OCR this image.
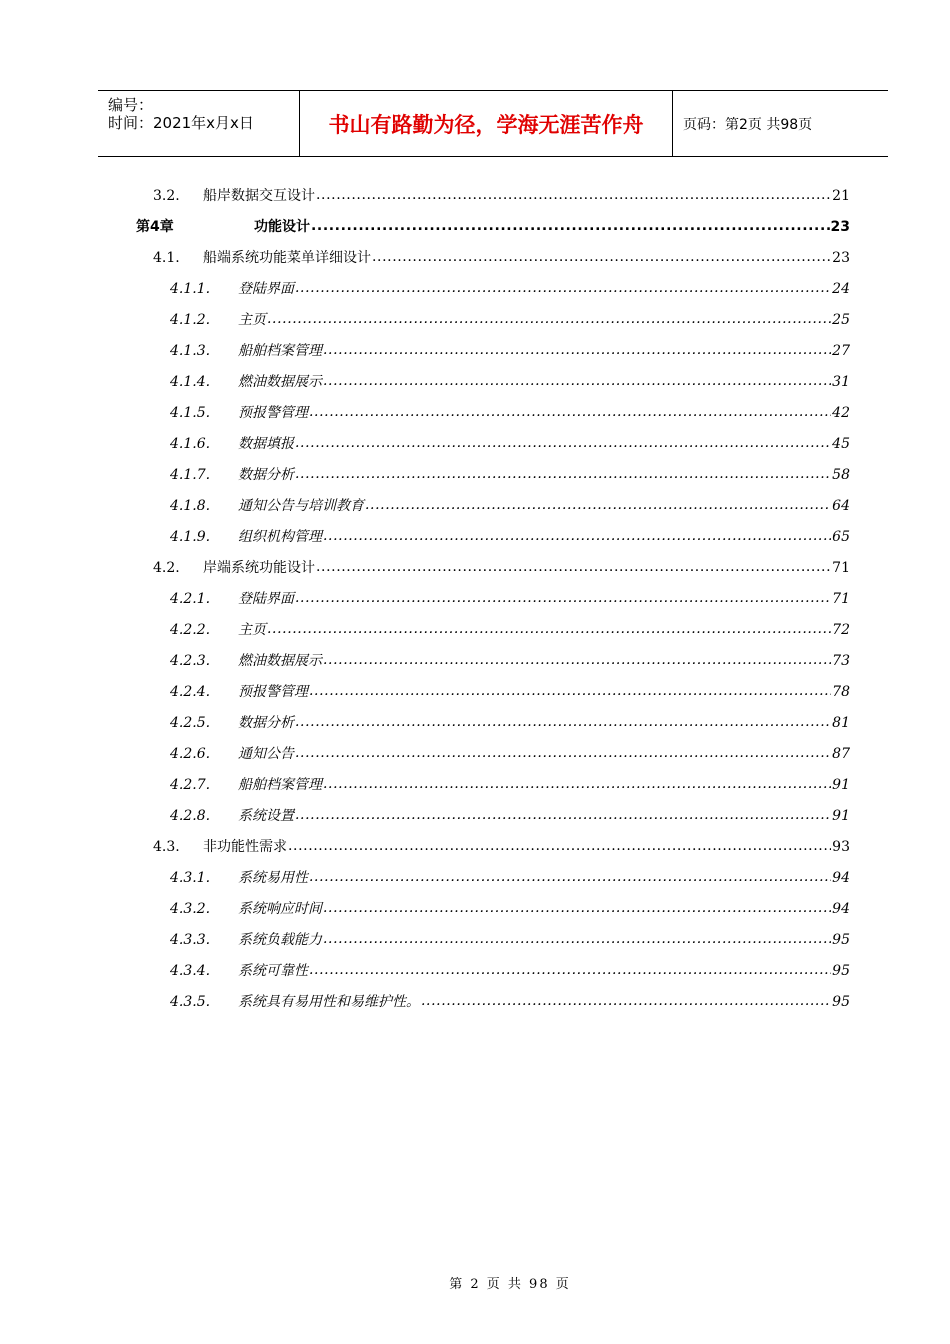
编号：
时间：2021年x月x日	书山有路勤为径，学海无涯苦作舟	页码：第2页 共98页
3.2.	船岸数据交互设计 .....	21
第4章	功能设计 .....	23
4.1.	船端系统功能菜单详细设计 .....	23
4.1.1.	登陆界面 .....	24
4.1.2.	主页 .....	25
4.1.3.	船舶档案管理 .....	27
4.1.4.	燃油数据展示 .....	31
4.1.5.	预报警管理 .....	42
4.1.6.	数据填报 .....	45
4.1.7.	数据分析 .....	58
4.1.8.	通知公告与培训教育 .....	64
4.1.9.	组织机构管理 .....	65
4.2.	岸端系统功能设计 .....	71
4.2.1.	登陆界面 .....	71
4.2.2.	主页 .....	72
4.2.3.	燃油数据展示 .....	73
4.2.4.	预报警管理 .....	78
4.2.5.	数据分析 .....	81
4.2.6.	通知公告 .....	87
4.2.7.	船舶档案管理 .....	91
4.2.8.	系统设置 .....	91
4.3.	非功能性需求 .....	93
4.3.1.	系统易用性 .....	94
4.3.2.	系统响应时间 .....	94
4.3.3.	系统负载能力 .....	95
4.3.4.	系统可靠性 .....	95
4.3.5.	系统具有易用性和易维护性。 .....	95
第 2 页 共 98 页
